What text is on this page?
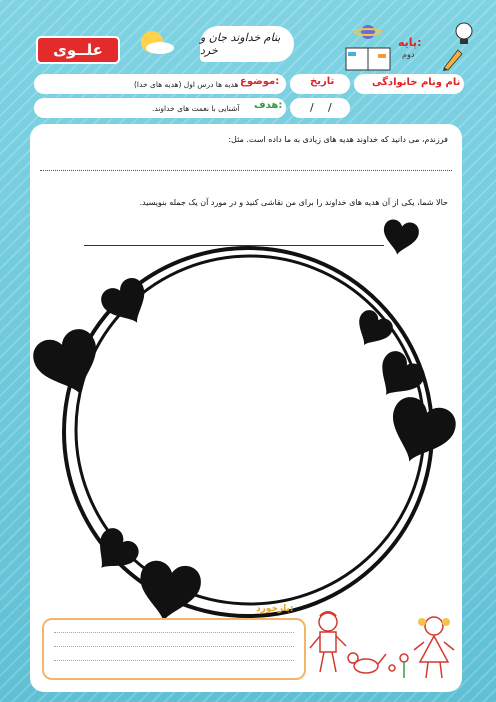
علــوی
بنام خداوند جان و خرد
پایه:
دوم
نام ونام خانوادگی
تاریخ
موضوع:
هدیه ها درس اول (هدیه های خدا)
/ /
هدف:
آشنایی با نعمت های خداوند.
فرزندم، می دانید که خداوند هدیه های زیادی به ما داده است. مثل:
حالا شما، یکی از آن هدیه های خداوند را برای من نقاشی کنید و در مورد آن یک جمله بنویسید.
بازخورد:
